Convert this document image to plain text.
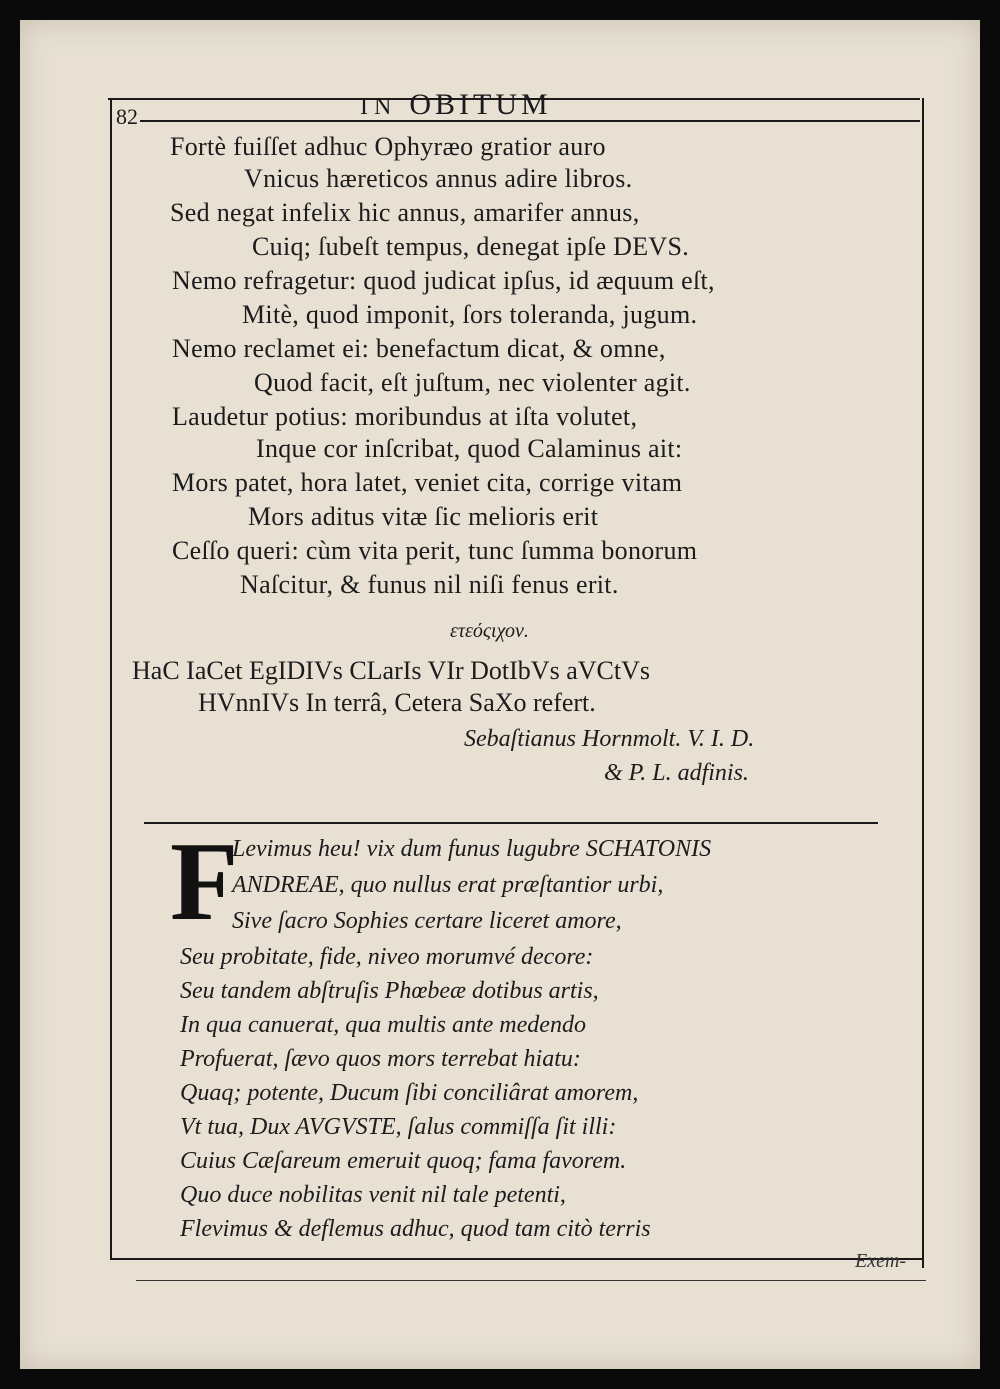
82	IN OBITUM
Fortè fuiſſet adhuc Ophyræo gratior auro
Vnicus hæreticos annus adire libros.
Sed negat infelix hic annus, amarifer annus,
Cuiq; ſubeſt tempus, denegat ipſe DEVS.
Nemo refragetur: quod judicat ipſus, id æquum eſt,
Mitè, quod imponit, ſors toleranda, jugum.
Nemo reclamet ei: benefactum dicat, & omne,
Quod facit, eſt juſtum, nec violenter agit.
Laudetur potius: moribundus at iſta volutet,
Inque cor inſcribat, quod Calaminus ait:
Mors patet, hora latet, veniet cita, corrige vitam
Mors aditus vitæ ſic melioris erit
Ceſſo queri: cùm vita perit, tunc ſumma bonorum
Naſcitur, & funus nil niſi fenus erit.
ετεόςιχον.
HaC IaCet EgIDIVs CLarIs VIr DotIbVs aVCtVs
HVnnIVs In terrâ, Cetera SaXo refert.
Sebaſtianus Hornmolt. V. I. D.
& P. L. adfinis.
F
Levimus heu! vix dum funus lugubre SCHATONIS
ANDREAE, quo nullus erat præſtantior urbi,
Sive ſacro Sophies certare liceret amore,
Seu probitate, fide, niveo morumvé decore:
Seu tandem abſtruſis Phœbeæ dotibus artis,
In qua canuerat, qua multis ante medendo
Profuerat, ſævo quos mors terrebat hiatu:
Quaq; potente, Ducum ſibi conciliârat amorem,
Vt tua, Dux AVGVSTE, ſalus commiſſa ſit illi:
Cuius Cæſareum emeruit quoq; fama favorem.
Quo duce nobilitas venit nil tale petenti,
Flevimus & deflemus adhuc, quod tam citò terris
Exem-
